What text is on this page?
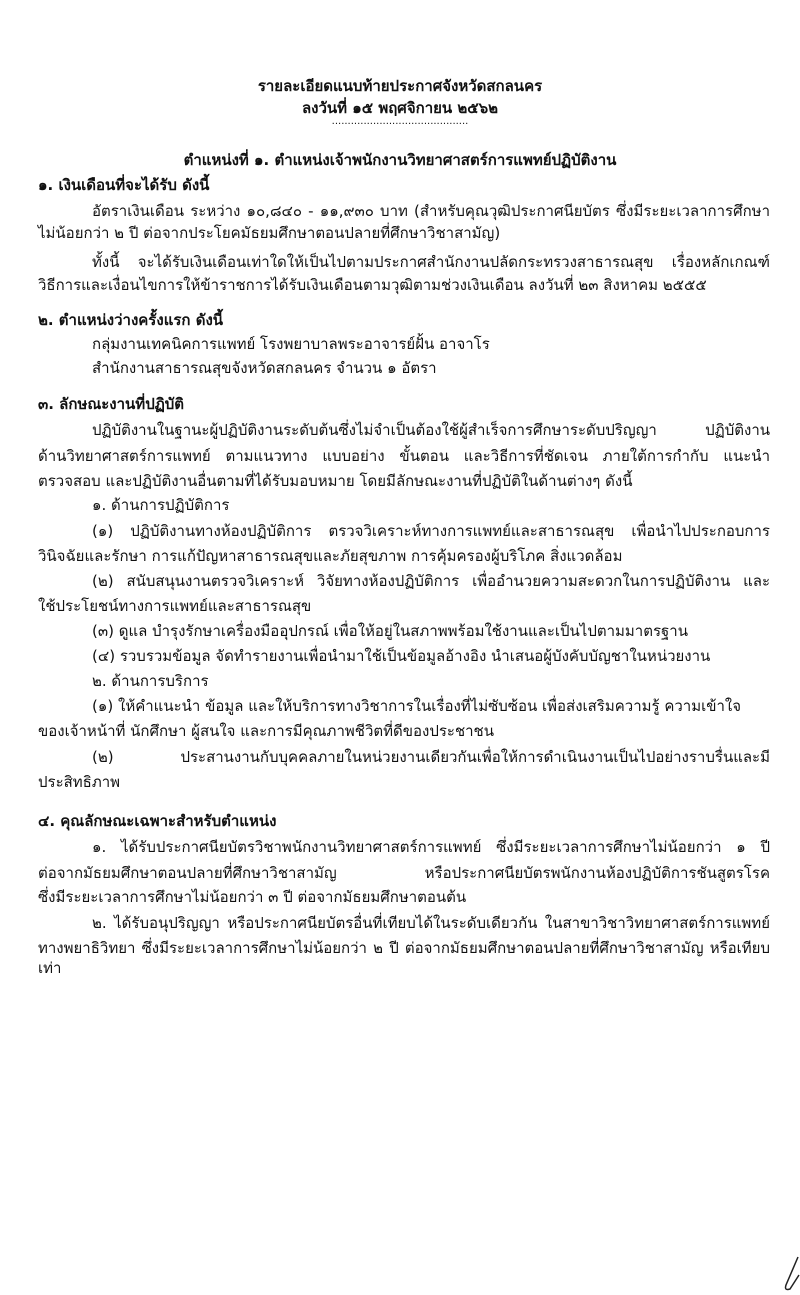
รายละเอียดแนบท้ายประกาศจังหวัดสกลนคร
ลงวันที่ ๑๕ พฤศจิกายน ๒๕๖๒
...........................................
ตำแหน่งที่ ๑. ตำแหน่งเจ้าพนักงานวิทยาศาสตร์การแพทย์ปฏิบัติงาน
๑. เงินเดือนที่จะได้รับ ดังนี้
อัตราเงินเดือน ระหว่าง ๑๐,๘๔๐ - ๑๑,๙๓๐ บาท (สำหรับคุณวุฒิประกาศนียบัตร ซึ่งมีระยะเวลาการศึกษา
ไม่น้อยกว่า ๒ ปี ต่อจากประโยคมัธยมศึกษาตอนปลายที่ศึกษาวิชาสามัญ)
ทั้งนี้ จะได้รับเงินเดือนเท่าใดให้เป็นไปตามประกาศสำนักงานปลัดกระทรวงสาธารณสุข เรื่องหลักเกณฑ์
วิธีการและเงื่อนไขการให้ข้าราชการได้รับเงินเดือนตามวุฒิตามช่วงเงินเดือน ลงวันที่ ๒๓ สิงหาคม ๒๕๕๕
๒. ตำแหน่งว่างครั้งแรก ดังนี้
กลุ่มงานเทคนิคการแพทย์ โรงพยาบาลพระอาจารย์ฝั้น อาจาโร
สำนักงานสาธารณสุขจังหวัดสกลนคร จำนวน ๑ อัตรา
๓. ลักษณะงานที่ปฏิบัติ
ปฏิบัติงานในฐานะผู้ปฏิบัติงานระดับต้นซึ่งไม่จำเป็นต้องใช้ผู้สำเร็จการศึกษาระดับปริญญา ปฏิบัติงาน
ด้านวิทยาศาสตร์การแพทย์ ตามแนวทาง แบบอย่าง ขั้นตอน และวิธีการที่ชัดเจน ภายใต้การกำกับ แนะนำ
ตรวจสอบ และปฏิบัติงานอื่นตามที่ได้รับมอบหมาย โดยมีลักษณะงานที่ปฏิบัติในด้านต่างๆ ดังนี้
๑. ด้านการปฏิบัติการ
(๑) ปฏิบัติงานทางห้องปฏิบัติการ ตรวจวิเคราะห์ทางการแพทย์และสาธารณสุข เพื่อนำไปประกอบการ
วินิจฉัยและรักษา การแก้ปัญหาสาธารณสุขและภัยสุขภาพ การคุ้มครองผู้บริโภค สิ่งแวดล้อม
(๒) สนับสนุนงานตรวจวิเคราะห์ วิจัยทางห้องปฏิบัติการ เพื่ออำนวยความสะดวกในการปฏิบัติงาน และ
ใช้ประโยชน์ทางการแพทย์และสาธารณสุข
(๓) ดูแล บำรุงรักษาเครื่องมืออุปกรณ์ เพื่อให้อยู่ในสภาพพร้อมใช้งานและเป็นไปตามมาตรฐาน
(๔) รวบรวมข้อมูล จัดทำรายงานเพื่อนำมาใช้เป็นข้อมูลอ้างอิง นำเสนอผู้บังคับบัญชาในหน่วยงาน
๒. ด้านการบริการ
(๑) ให้คำแนะนำ ข้อมูล และให้บริการทางวิชาการในเรื่องที่ไม่ซับซ้อน เพื่อส่งเสริมความรู้ ความเข้าใจ
ของเจ้าหน้าที่ นักศึกษา ผู้สนใจ และการมีคุณภาพชีวิตที่ดีของประชาชน
(๒) ประสานงานกับบุคคลภายในหน่วยงานเดียวกันเพื่อให้การดำเนินงานเป็นไปอย่างราบรื่นและมี
ประสิทธิภาพ
๔. คุณลักษณะเฉพาะสำหรับตำแหน่ง
๑. ได้รับประกาศนียบัตรวิชาพนักงานวิทยาศาสตร์การแพทย์ ซึ่งมีระยะเวลาการศึกษาไม่น้อยกว่า ๑ ปี
ต่อจากมัธยมศึกษาตอนปลายที่ศึกษาวิชาสามัญ หรือประกาศนียบัตรพนักงานห้องปฏิบัติการชันสูตรโรค
ซึ่งมีระยะเวลาการศึกษาไม่น้อยกว่า ๓ ปี ต่อจากมัธยมศึกษาตอนต้น
๒. ได้รับอนุปริญญา หรือประกาศนียบัตรอื่นที่เทียบได้ในระดับเดียวกัน ในสาขาวิชาวิทยาศาสตร์การแพทย์
ทางพยาธิวิทยา ซึ่งมีระยะเวลาการศึกษาไม่น้อยกว่า ๒ ปี ต่อจากมัธยมศึกษาตอนปลายที่ศึกษาวิชาสามัญ หรือเทียบเท่า
